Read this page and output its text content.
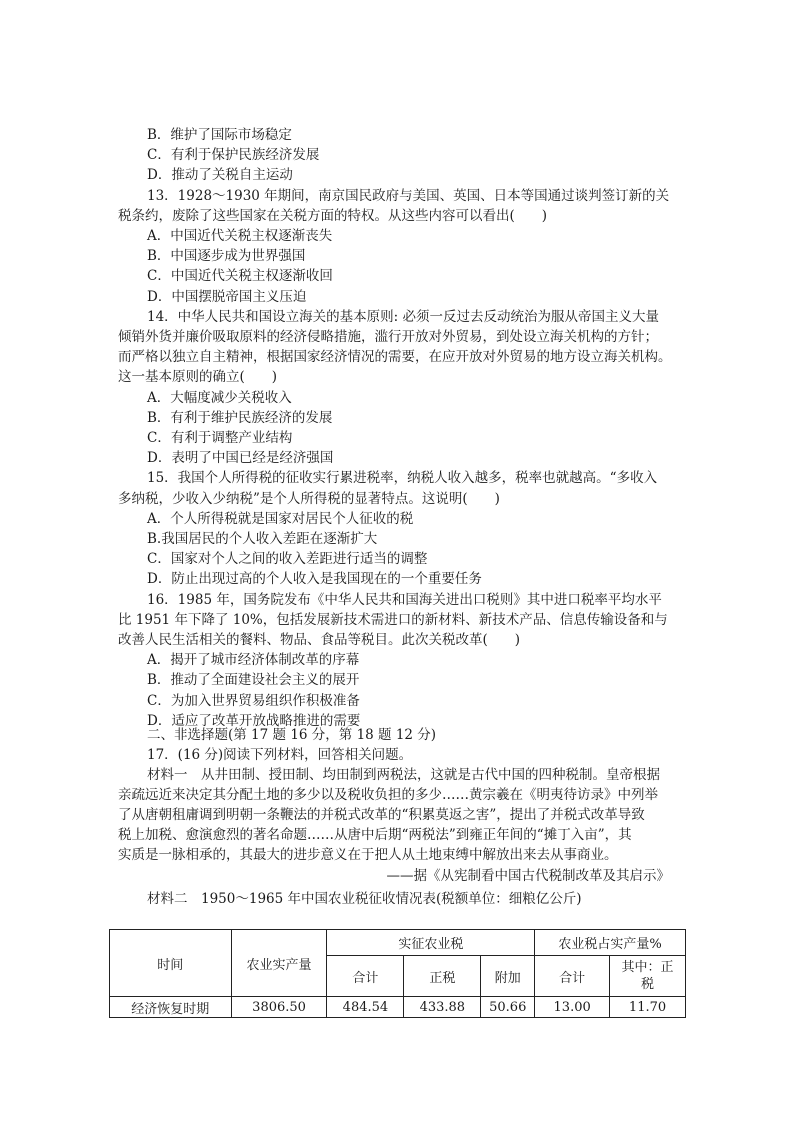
B．维护了国际市场稳定
C．有利于保护民族经济发展
D．推动了关税自主运动
13．1928～1930 年期间，南京国民政府与美国、英国、日本等国通过谈判签订新的关
税条约，废除了这些国家在关税方面的特权。从这些内容可以看出(　　)
A．中国近代关税主权逐渐丧失
B．中国逐步成为世界强国
C．中国近代关税主权逐渐收回
D．中国摆脱帝国主义压迫
14．中华人民共和国设立海关的基本原则: 必须一反过去反动统治为服从帝国主义大量
倾销外货并廉价吸取原料的经济侵略措施，滥行开放对外贸易，到处设立海关机构的方针；
而严格以独立自主精神，根据国家经济情况的需要，在应开放对外贸易的地方设立海关机构。
这一基本原则的确立(　　)
A．大幅度减少关税收入
B．有利于维护民族经济的发展
C．有利于调整产业结构
D．表明了中国已经是经济强国
15．我国个人所得税的征收实行累进税率，纳税人收入越多，税率也就越高。“多收入
多纳税，少收入少纳税”是个人所得税的显著特点。这说明(　　)
A．个人所得税就是国家对居民个人征收的税
B.我国居民的个人收入差距在逐渐扩大
C．国家对个人之间的收入差距进行适当的调整
D．防止出现过高的个人收入是我国现在的一个重要任务
16．1985 年，国务院发布《中华人民共和国海关进出口税则》其中进口税率平均水平
比 1951 年下降了 10%，包括发展新技术需进口的新材料、新技术产品、信息传输设备和与
改善人民生活相关的餐料、物品、食品等税目。此次关税改革(　　)
A．揭开了城市经济体制改革的序幕
B．推动了全面建设社会主义的展开
C．为加入世界贸易组织作积极准备
D．适应了改革开放战略推进的需要
二、非选择题(第 17 题 16 分，第 18 题 12 分)
17．(16 分)阅读下列材料，回答相关问题。
材料一　从井田制、授田制、均田制到两税法，这就是古代中国的四种税制。皇帝根据
亲疏远近来决定其分配土地的多少以及税收负担的多少……黄宗羲在《明夷待访录》中列举
了从唐朝租庸调到明朝一条鞭法的并税式改革的“积累莫返之害”，提出了并税式改革导致
税上加税、愈演愈烈的著名命题……从唐中后期“两税法”到雍正年间的“摊丁入亩”，其
实质是一脉相承的，其最大的进步意义在于把人从土地束缚中解放出来去从事商业。
——据《从宪制看中国古代税制改革及其启示》
材料二　1950～1965 年中国农业税征收情况表(税额单位：细粮亿公斤)
时间	农业实产量	实征农业税			农业税占实产量%	
		合计	正税	附加	合计	其中：正税
经济恢复时期	3806.50	484.54	433.88	50.66	13.00	11.70
